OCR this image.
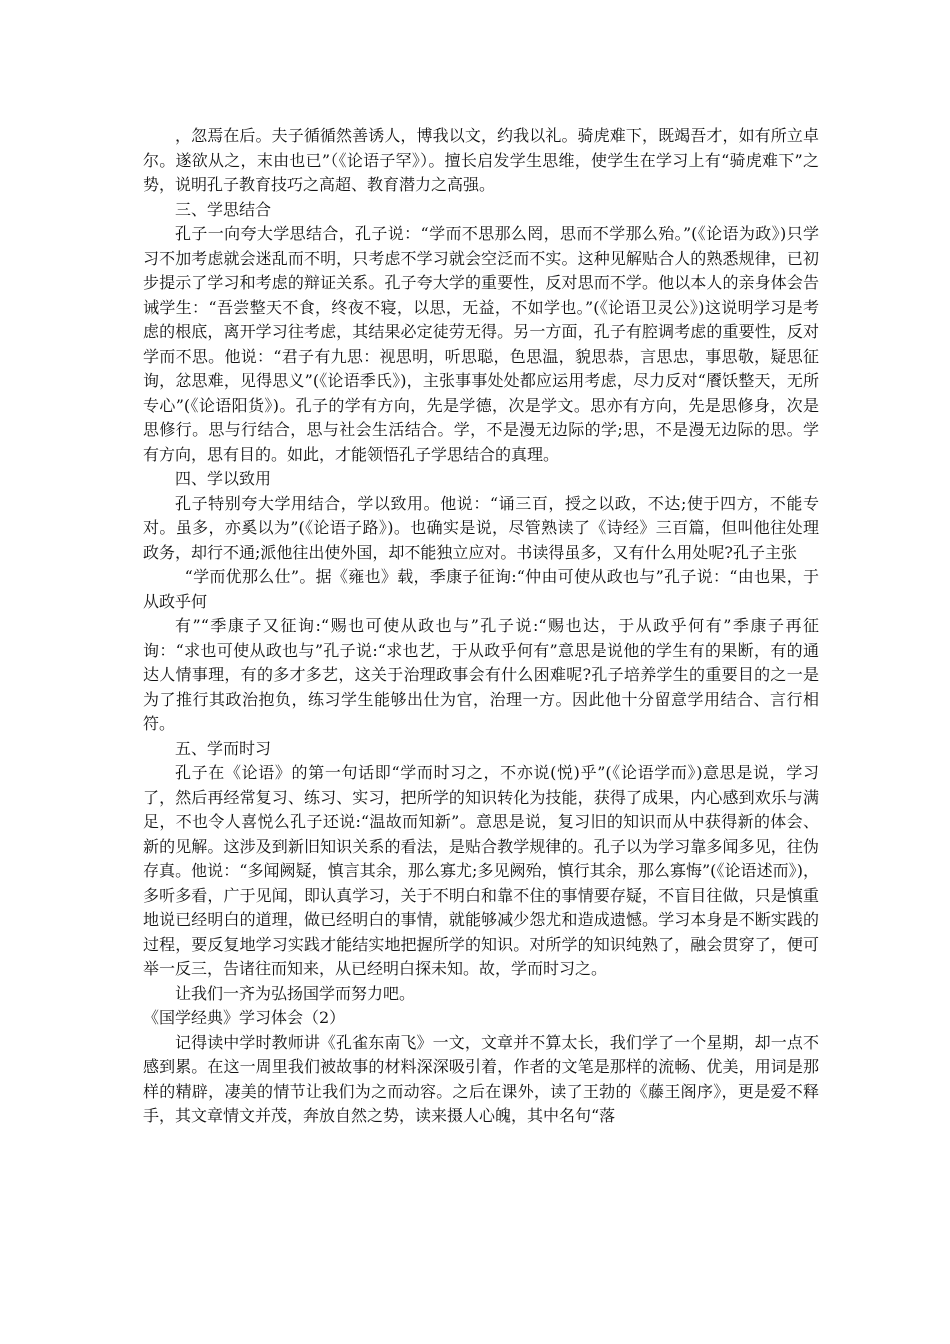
，忽焉在后。夫子循循然善诱人，博我以文，约我以礼。骑虎难下，既竭吾才，如有所立卓尔。遂欲从之，末由也已”（《论语子罕》）。擅长启发学生思维，使学生在学习上有“骑虎难下”之势，说明孔子教育技巧之高超、教育潜力之高强。

三、学思结合

孔子一向夸大学思结合，孔子说：“学而不思那么罔，思而不学那么殆。”(《论语为政》)只学习不加考虑就会迷乱而不明，只考虑不学习就会空泛而不实。这种见解贴合人的熟悉规律，已初步提示了学习和考虑的辩证关系。孔子夸大学的重要性，反对思而不学。他以本人的亲身体会告诫学生：“吾尝整天不食，终夜不寝，以思，无益，不如学也。”(《论语卫灵公》)这说明学习是考虑的根底，离开学习往考虑，其结果必定徒劳无得。另一方面，孔子有腔调考虑的重要性，反对学而不思。他说：“君子有九思：视思明，听思聪，色思温，貌思恭，言思忠，事思敬，疑思征询，忿思难，见得思义”(《论语季氏》)，主张事事处处都应运用考虑，尽力反对“餍饫整天，无所专心”(《论语阳货》)。孔子的学有方向，先是学德，次是学文。思亦有方向，先是思修身，次是思修行。思与行结合，思与社会生活结合。学，不是漫无边际的学;思，不是漫无边际的思。学有方向，思有目的。如此，才能领悟孔子学思结合的真理。

四、学以致用

孔子特别夸大学用结合，学以致用。他说：“诵三百，授之以政，不达;使于四方，不能专对。虽多，亦奚以为”(《论语子路》)。也确实是说，尽管熟读了《诗经》三百篇，但叫他往处理政务，却行不通;派他往出使外国，却不能独立应对。书读得虽多，又有什么用处呢?孔子主张

“学而优那么仕”。据《雍也》载，季康子征询:“仲由可使从政也与”孔子说：“由也果，于从政乎何

有”“季康子又征询:“赐也可使从政也与”孔子说:“赐也达，于从政乎何有”季康子再征询：“求也可使从政也与”孔子说:“求也艺，于从政乎何有”意思是说他的学生有的果断，有的通达人情事理，有的多才多艺，这关于治理政事会有什么困难呢?孔子培养学生的重要目的之一是为了推行其政治抱负，练习学生能够出仕为官，治理一方。因此他十分留意学用结合、言行相符。

五、学而时习

孔子在《论语》的第一句话即“学而时习之，不亦说(悦)乎”(《论语学而》)意思是说，学习了，然后再经常复习、练习、实习，把所学的知识转化为技能，获得了成果，内心感到欢乐与满足，不也令人喜悦么孔子还说:“温故而知新”。意思是说，复习旧的知识而从中获得新的体会、新的见解。这涉及到新旧知识关系的看法，是贴合教学规律的。孔子以为学习靠多闻多见，往伪存真。他说：“多闻阙疑，慎言其余，那么寡尤;多见阙殆，慎行其余，那么寡悔”(《论语述而》)，多听多看，广于见闻，即认真学习，关于不明白和靠不住的事情要存疑，不盲目往做，只是慎重地说已经明白的道理，做已经明白的事情，就能够减少怨尤和造成遗憾。学习本身是不断实践的过程，要反复地学习实践才能结实地把握所学的知识。对所学的知识纯熟了，融会贯穿了，便可举一反三，告诸往而知来，从已经明白探未知。故，学而时习之。

让我们一齐为弘扬国学而努力吧。

《国学经典》学习体会（2）

记得读中学时教师讲《孔雀东南飞》一文，文章并不算太长，我们学了一个星期，却一点不感到累。在这一周里我们被故事的材料深深吸引着，作者的文笔是那样的流畅、优美，用词是那样的精辟，凄美的情节让我们为之而动容。之后在课外，读了王勃的《藤王阁序》，更是爱不释手，其文章情文并茂，奔放自然之势，读来摄人心魄，其中名句“落
